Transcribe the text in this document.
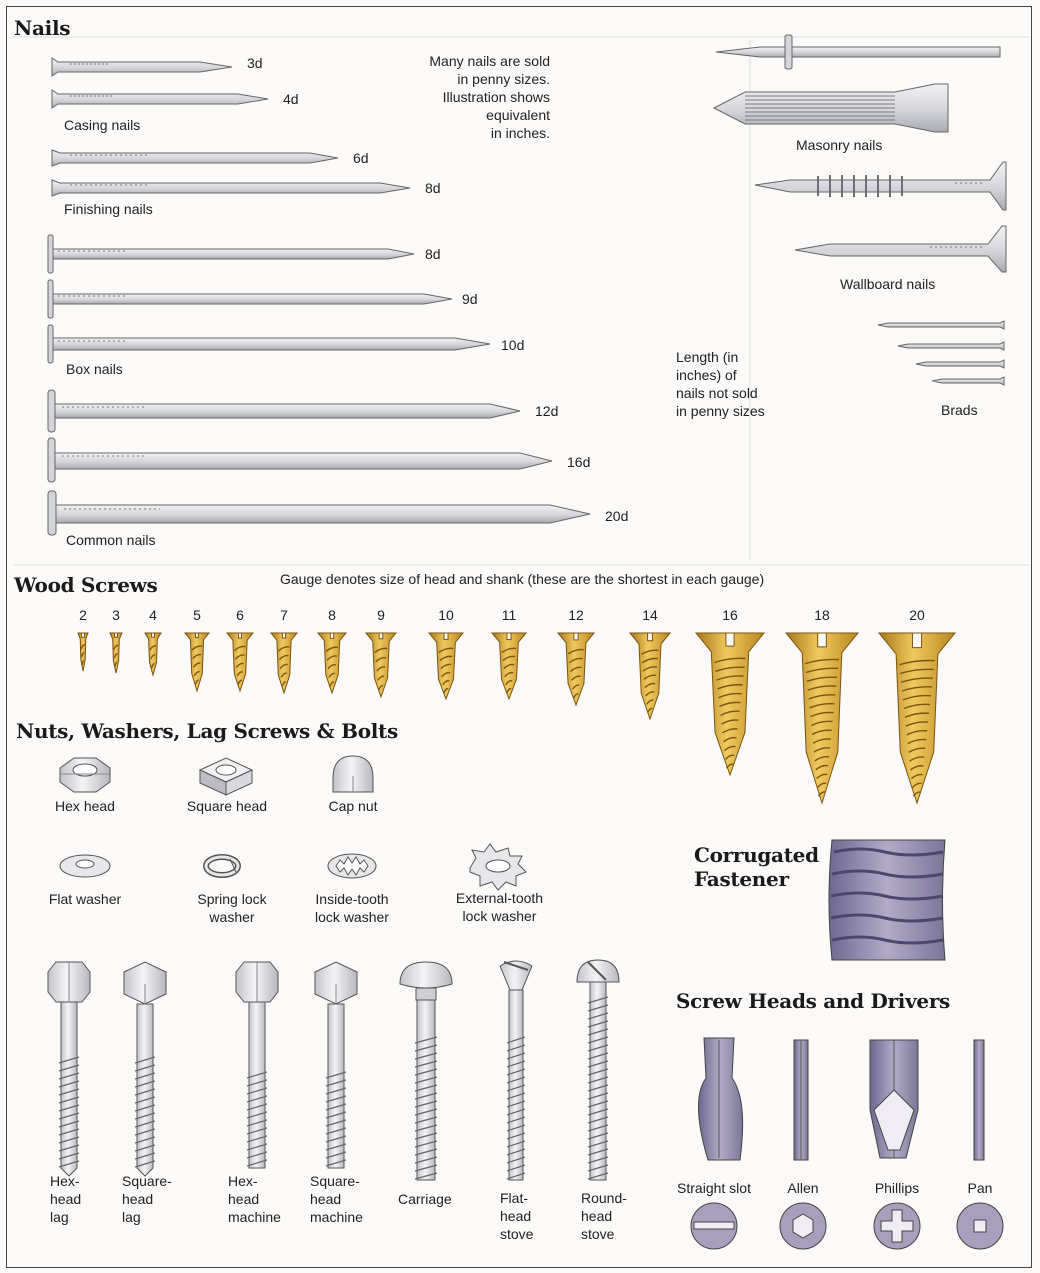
Nails
Wood Screws
Nuts, Washers, Lag Screws & Bolts
Corrugated
Fastener
Screw Heads and Drivers
Many nails are sold
in penny sizes.
Illustration shows
equivalent
in inches.
Length (in
inches) of
nails not sold
in penny sizes
Casing nails
Finishing nails
Box nails
Common nails
Masonry nails
Wallboard nails
Brads
3d
4d
6d
8d
8d
9d
10d
12d
16d
20d
Gauge denotes size of head and shank (these are the shortest in each gauge)
2	3	4	5	6	7	8	9	10	11	12	14	16	18	20
Hex head	Square head	Cap nut
Flat washer	Spring lock
washer
Inside-tooth
lock washer
External-tooth
lock washer
Hex-
head
lag
Square-
head
lag
Hex-
head
machine
Square-
head
machine
Carriage	Flat-
head
stove
Round-
head
stove
Straight slot	Allen	Phillips	Pan
